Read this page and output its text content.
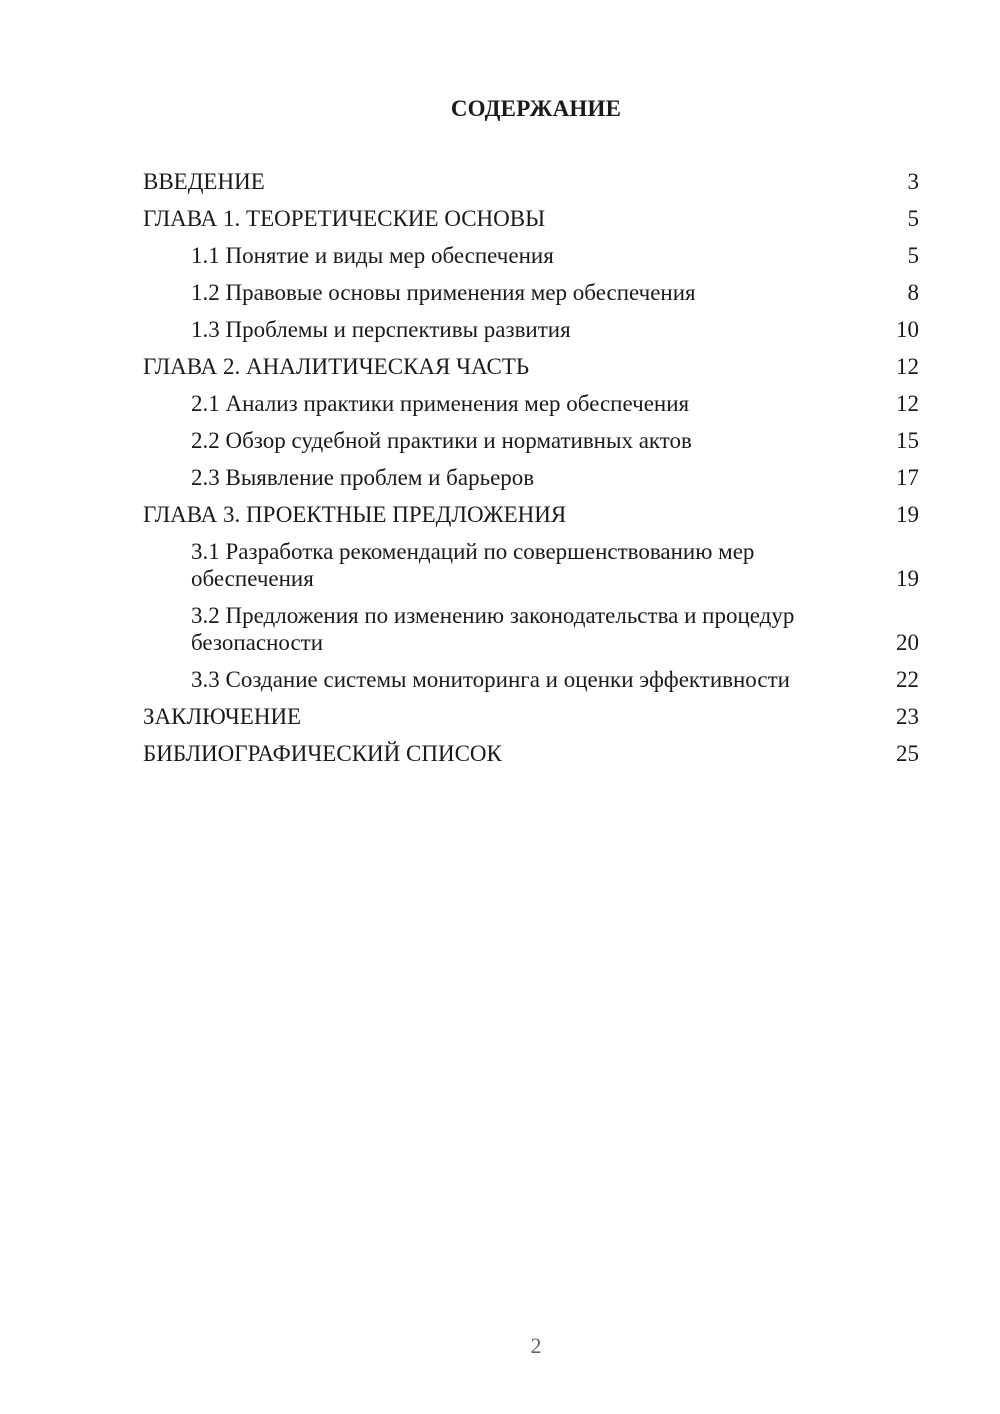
СОДЕРЖАНИЕ
ВВЕДЕНИЕ	3
ГЛАВА 1. ТЕОРЕТИЧЕСКИЕ ОСНОВЫ	5
1.1 Понятие и виды мер обеспечения	5
1.2 Правовые основы применения мер обеспечения	8
1.3 Проблемы и перспективы развития	10
ГЛАВА 2. АНАЛИТИЧЕСКАЯ ЧАСТЬ	12
2.1 Анализ практики применения мер обеспечения	12
2.2 Обзор судебной практики и нормативных актов	15
2.3 Выявление проблем и барьеров	17
ГЛАВА 3. ПРОЕКТНЫЕ ПРЕДЛОЖЕНИЯ	19
3.1 Разработка рекомендаций по совершенствованию мер обеспечения	19
3.2 Предложения по изменению законодательства и процедур безопасности	20
3.3 Создание системы мониторинга и оценки эффективности	22
ЗАКЛЮЧЕНИЕ	23
БИБЛИОГРАФИЧЕСКИЙ СПИСОК	25
2
